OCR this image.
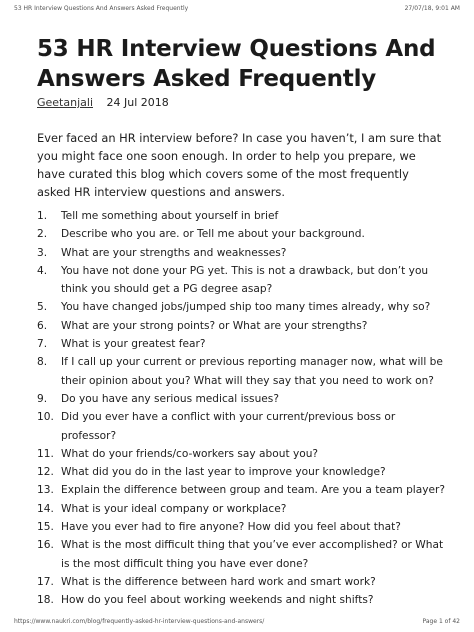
53 HR Interview Questions And Answers Asked Frequently	27/07/18, 9:01 AM
53 HR Interview Questions And Answers Asked Frequently
Geetanjali 24 Jul 2018

Ever faced an HR interview before? In case you haven’t, I am sure that you might face one soon enough. In order to help you prepare, we have curated this blog which covers some of the most frequently asked HR interview questions and answers.

1. Tell me something about yourself in brief
2. Describe who you are. or Tell me about your background.
3. What are your strengths and weaknesses?
4. You have not done your PG yet. This is not a drawback, but don’t you think you should get a PG degree asap?
5. You have changed jobs/jumped ship too many times already, why so?
6. What are your strong points? or What are your strengths?
7. What is your greatest fear?
8. If I call up your current or previous reporting manager now, what will be their opinion about you? What will they say that you need to work on?
9. Do you have any serious medical issues?
10. Did you ever have a conflict with your current/previous boss or professor?
11. What do your friends/co-workers say about you?
12. What did you do in the last year to improve your knowledge?
13. Explain the difference between group and team. Are you a team player?
14. What is your ideal company or workplace?
15. Have you ever had to fire anyone? How did you feel about that?
16. What is the most difficult thing that you’ve ever accomplished? or What is the most difficult thing you have ever done?
17. What is the difference between hard work and smart work?
18. How do you feel about working weekends and night shifts?
https://www.naukri.com/blog/frequently-asked-hr-interview-questions-and-answers/	Page 1 of 42
